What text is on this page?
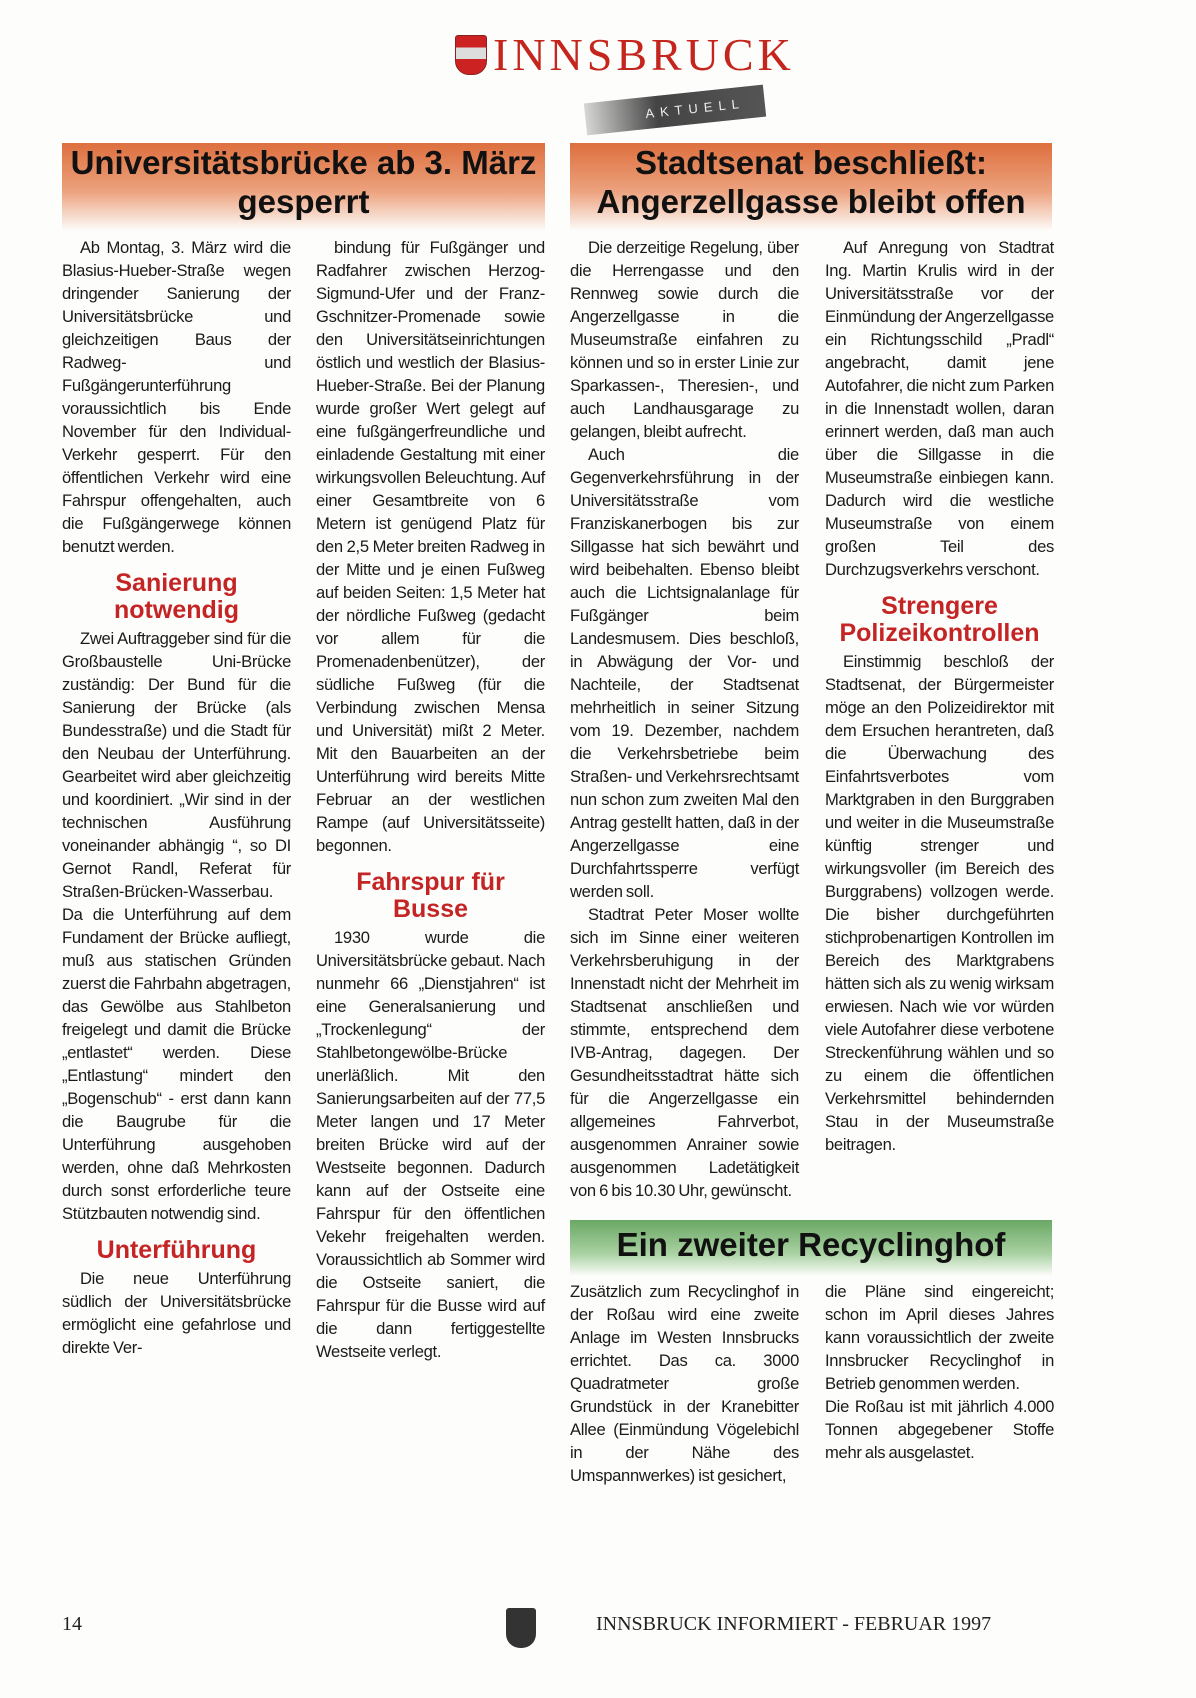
INNSBRUCK
AKTUELL
Universitätsbrücke ab 3. März gesperrt
Stadtsenat beschließt: Angerzellgasse bleibt offen
Ein zweiter Recyclinghof

Ab Montag, 3. März wird die Blasius-Hueber-Straße wegen dringender Sanierung der Universitätsbrücke und gleichzeitigen Baus der Radweg- und Fußgängerunterführung voraussichtlich bis Ende November für den Individual-Verkehr gesperrt. Für den öffentlichen Verkehr wird eine Fahrspur offengehalten, auch die Fußgängerwege können benutzt werden.

Sanierung notwendig

Zwei Auftraggeber sind für die Großbaustelle Uni-Brücke zuständig: Der Bund für die Sanierung der Brücke (als Bundesstraße) und die Stadt für den Neubau der Unterführung. Gearbeitet wird aber gleichzeitig und koordiniert. „Wir sind in der technischen Ausführung voneinander abhängig “, so DI Gernot Randl, Referat für Straßen-Brücken-Wasserbau. Da die Unterführung auf dem Fundament der Brücke aufliegt, muß aus statischen Gründen zuerst die Fahrbahn abgetragen, das Gewölbe aus Stahlbeton freigelegt und damit die Brücke „entlastet“ werden. Diese „Entlastung“ mindert den „Bogenschub“ - erst dann kann die Baugrube für die Unterführung ausgehoben werden, ohne daß Mehrkosten durch sonst erforderliche teure Stützbauten notwendig sind.

Unterführung

Die neue Unterführung südlich der Universitätsbrücke ermöglicht eine gefahrlose und direkte Ver-

bindung für Fußgänger und Radfahrer zwischen Herzog-Sigmund-Ufer und der Franz-Gschnitzer-Promenade sowie den Universitätseinrichtungen östlich und westlich der Blasius-Hueber-Straße. Bei der Planung wurde großer Wert gelegt auf eine fußgängerfreundliche und einladende Gestaltung mit einer wirkungsvollen Beleuchtung. Auf einer Gesamtbreite von 6 Metern ist genügend Platz für den 2,5 Meter breiten Radweg in der Mitte und je einen Fußweg auf beiden Seiten: 1,5 Meter hat der nördliche Fußweg (gedacht vor allem für die Promenadenbenützer), der südliche Fußweg (für die Verbindung zwischen Mensa und Universität) mißt 2 Meter. Mit den Bauarbeiten an der Unterführung wird bereits Mitte Februar an der westlichen Rampe (auf Universitätsseite) begonnen.

Fahrspur für Busse

1930 wurde die Universitätsbrücke gebaut. Nach nunmehr 66 „Dienstjahren“ ist eine Generalsanierung und „Trockenlegung“ der Stahlbetongewölbe-Brücke unerläßlich. Mit den Sanierungsarbeiten auf der 77,5 Meter langen und 17 Meter breiten Brücke wird auf der Westseite begonnen. Dadurch kann auf der Ostseite eine Fahrspur für den öffentlichen Vekehr freigehalten werden. Voraussichtlich ab Sommer wird die Ostseite saniert, die Fahrspur für die Busse wird auf die dann fertiggestellte Westseite verlegt.

Die derzeitige Regelung, über die Herrengasse und den Rennweg sowie durch die Angerzellgasse in die Museumstraße einfahren zu können und so in erster Linie zur Sparkassen-, Theresien-, und auch Landhausgarage zu gelangen, bleibt aufrecht.

Auch die Gegenverkehrsführung in der Universitätsstraße vom Franziskanerbogen bis zur Sillgasse hat sich bewährt und wird beibehalten. Ebenso bleibt auch die Lichtsignalanlage für Fußgänger beim Landesmusem. Dies beschloß, in Abwägung der Vor- und Nachteile, der Stadtsenat mehrheitlich in seiner Sitzung vom 19. Dezember, nachdem die Verkehrsbetriebe beim Straßen- und Verkehrsrechtsamt nun schon zum zweiten Mal den Antrag gestellt hatten, daß in der Angerzellgasse eine Durchfahrtssperre verfügt werden soll.

Stadtrat Peter Moser wollte sich im Sinne einer weiteren Verkehrsberuhigung in der Innenstadt nicht der Mehrheit im Stadtsenat anschließen und stimmte, entsprechend dem IVB-Antrag, dagegen. Der Gesundheitsstadtrat hätte sich für die Angerzellgasse ein allgemeines Fahrverbot, ausgenommen Anrainer sowie ausgenommen Ladetätigkeit von 6 bis 10.30 Uhr, gewünscht.

Auf Anregung von Stadtrat Ing. Martin Krulis wird in der Universitätsstraße vor der Einmündung der Angerzellgasse ein Richtungsschild „Pradl“ angebracht, damit jene Autofahrer, die nicht zum Parken in die Innenstadt wollen, daran erinnert werden, daß man auch über die Sillgasse in die Museumstraße einbiegen kann. Dadurch wird die westliche Museumstraße von einem großen Teil des Durchzugsverkehrs verschont.

Strengere Polizeikontrollen

Einstimmig beschloß der Stadtsenat, der Bürgermeister möge an den Polizeidirektor mit dem Ersuchen herantreten, daß die Überwachung des Einfahrtsverbotes vom Marktgraben in den Burggraben und weiter in die Museumstraße künftig strenger und wirkungsvoller (im Bereich des Burggrabens) vollzogen werde. Die bisher durchgeführten stichprobenartigen Kontrollen im Bereich des Marktgrabens hätten sich als zu wenig wirksam erwiesen. Nach wie vor würden viele Autofahrer diese verbotene Streckenführung wählen und so zu einem die öffentlichen Verkehrsmittel behindernden Stau in der Museumstraße beitragen.

Zusätzlich zum Recyclinghof in der Roßau wird eine zweite Anlage im Westen Innsbrucks errichtet. Das ca. 3000 Quadratmeter große Grundstück in der Kranebitter Allee (Einmündung Vögelebichl in der Nähe des Umspannwerkes) ist gesichert,

die Pläne sind eingereicht; schon im April dieses Jahres kann voraussichtlich der zweite Innsbrucker Recyclinghof in Betrieb genommen werden.

Die Roßau ist mit jährlich 4.000 Tonnen abgegebener Stoffe mehr als ausgelastet.

14	INNSBRUCK INFORMIERT - FEBRUAR 1997
